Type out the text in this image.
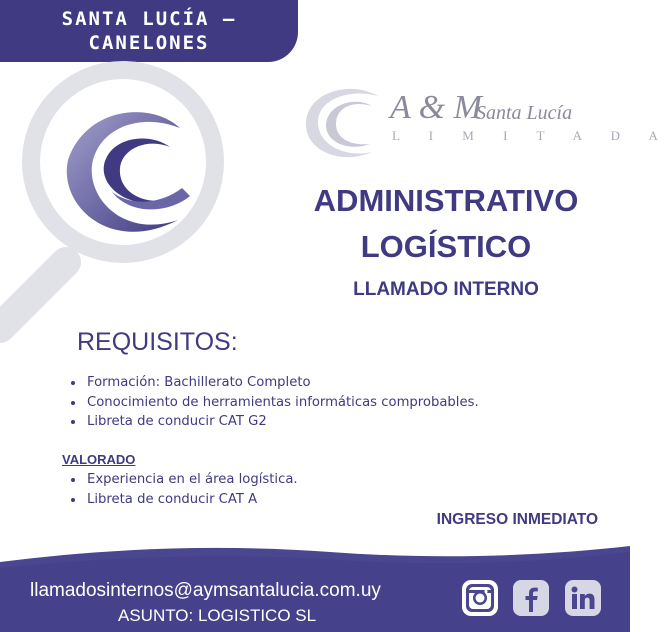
SANTA LUCÍA –
CANELONES
A & M
Santa Lucía
L I M I T A D A
ADMINISTRATIVO
LOGÍSTICO
LLAMADO INTERNO
REQUISITOS:
Formación: Bachillerato Completo
Conocimiento de herramientas informáticas comprobables.
Libreta de conducir CAT G2
VALORADO
Experiencia en el área logística.
Libreta de conducir CAT A
INGRESO INMEDIATO
llamadosinternos@aymsantalucia.com.uy
ASUNTO: LOGISTICO SL
